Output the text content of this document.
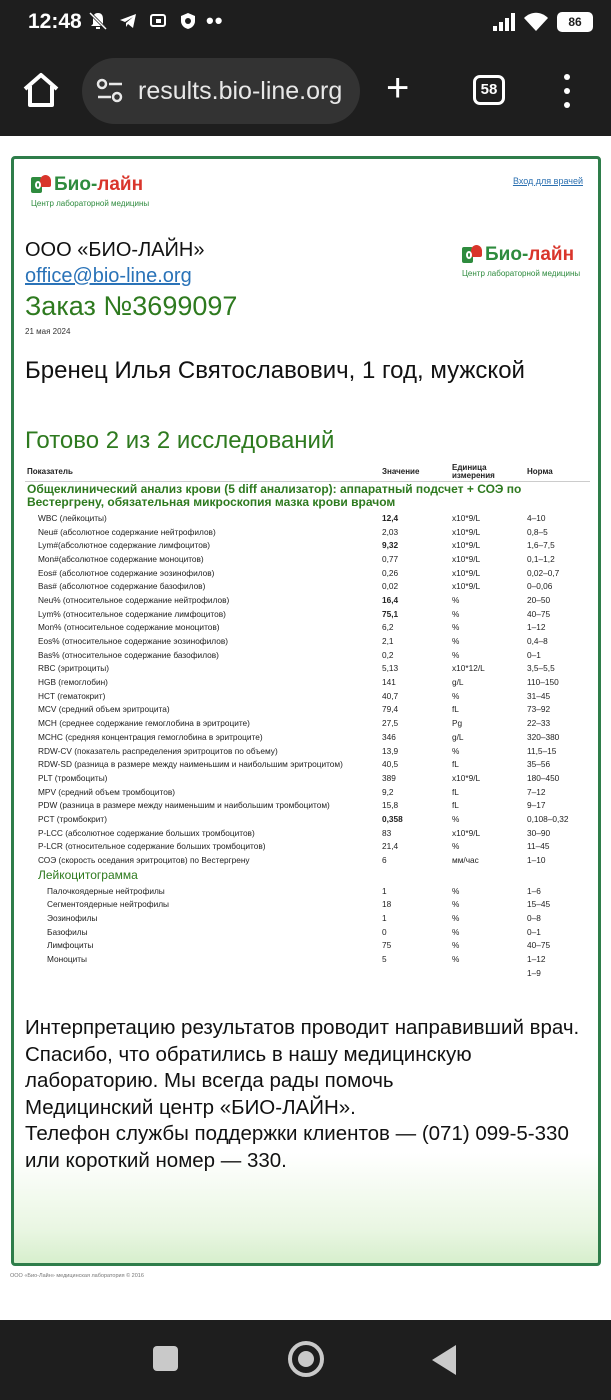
12:48	••	86
results.bio-line.org +	58
Био-лайн
Центр лабораторной медицины
Вход для врачей
Био-лайн
Центр лабораторной медицины
ООО «БИО-ЛАЙН»
office@bio-line.org
Заказ №3699097
21 мая 2024
Бренец Илья Святославович, 1 год, мужской
Готово 2 из 2 исследований
Показатель	Значение	Единица измерения	Норма
Общеклинический анализ крови (5 diff анализатор): аппаратный подсчет + СОЭ по Вестергрену, обязательная микроскопия мазка крови врачом			
WBC (лейкоциты)	12,4	x10*9/L	4–10
Neu# (абсолютное содержание нейтрофилов)	2,03	x10*9/L	0,8–5
Lym#(абсолютное содержание лимфоцитов)	9,32	x10*9/L	1,6–7,5
Mon#(абсолютное содержание моноцитов)	0,77	x10*9/L	0,1–1,2
Eos# (абсолютное содержание эозинофилов)	0,26	x10*9/L	0,02–0,7
Bas# (абсолютное содержание базофилов)	0,02	x10*9/L	0–0,06
Neu% (относительное содержание нейтрофилов)	16,4	%	20–50
Lym% (относительное содержание лимфоцитов)	75,1	%	40–75
Mon% (относительное содержание моноцитов)	6,2	%	1–12
Eos% (относительное содержание эозинофилов)	2,1	%	0,4–8
Bas% (относительное содержание базофилов)	0,2	%	0–1
RBC (эритроциты)	5,13	x10*12/L	3,5–5,5
HGB (гемоглобин)	141	g/L	110–150
HCT (гематокрит)	40,7	%	31–45
MCV (средний объем эритроцита)	79,4	fL	73–92
MCH (среднее содержание гемоглобина в эритроците)	27,5	Pg	22–33
MCHC (средняя концентрация гемоглобина в эритроците)	346	g/L	320–380
RDW-CV (показатель распределения эритроцитов по объему)	13,9	%	11,5–15
RDW-SD (разница в размере между наименьшим и наибольшим эритроцитом)	40,5	fL	35–56
PLT (тромбоциты)	389	x10*9/L	180–450
MPV (средний объем тромбоцитов)	9,2	fL	7–12
PDW (разница в размере между наименьшим и наибольшим тромбоцитом)	15,8	fL	9–17
PCT (тромбокрит)	0,358	%	0,108–0,32
P-LCC (абсолютное содержание больших тромбоцитов)	83	x10*9/L	30–90
P-LCR (относительное содержание больших тромбоцитов)	21,4	%	11–45
СОЭ (скорость оседания эритроцитов) по Вестергрену	6	мм/час	1–10
Лейкоцитограмма			
Палочкоядерные нейтрофилы	1	%	1–6
Сегментоядерные нейтрофилы	18	%	15–45
Эозинофилы	1	%	0–8
Базофилы	0	%	0–1
Лимфоциты	75	%	40–75
Моноциты	5	%	1–12
			1–9
Интерпретацию результатов проводит направивший врач.
Спасибо, что обратились в нашу медицинскую лабораторию. Мы всегда рады помочь
Медицинский центр «БИО-ЛАЙН».
Телефон службы поддержки клиентов — (071) 099-5-330 или короткий номер — 330.
ООО «Био-Лайн» медицинская лаборатория © 2016
